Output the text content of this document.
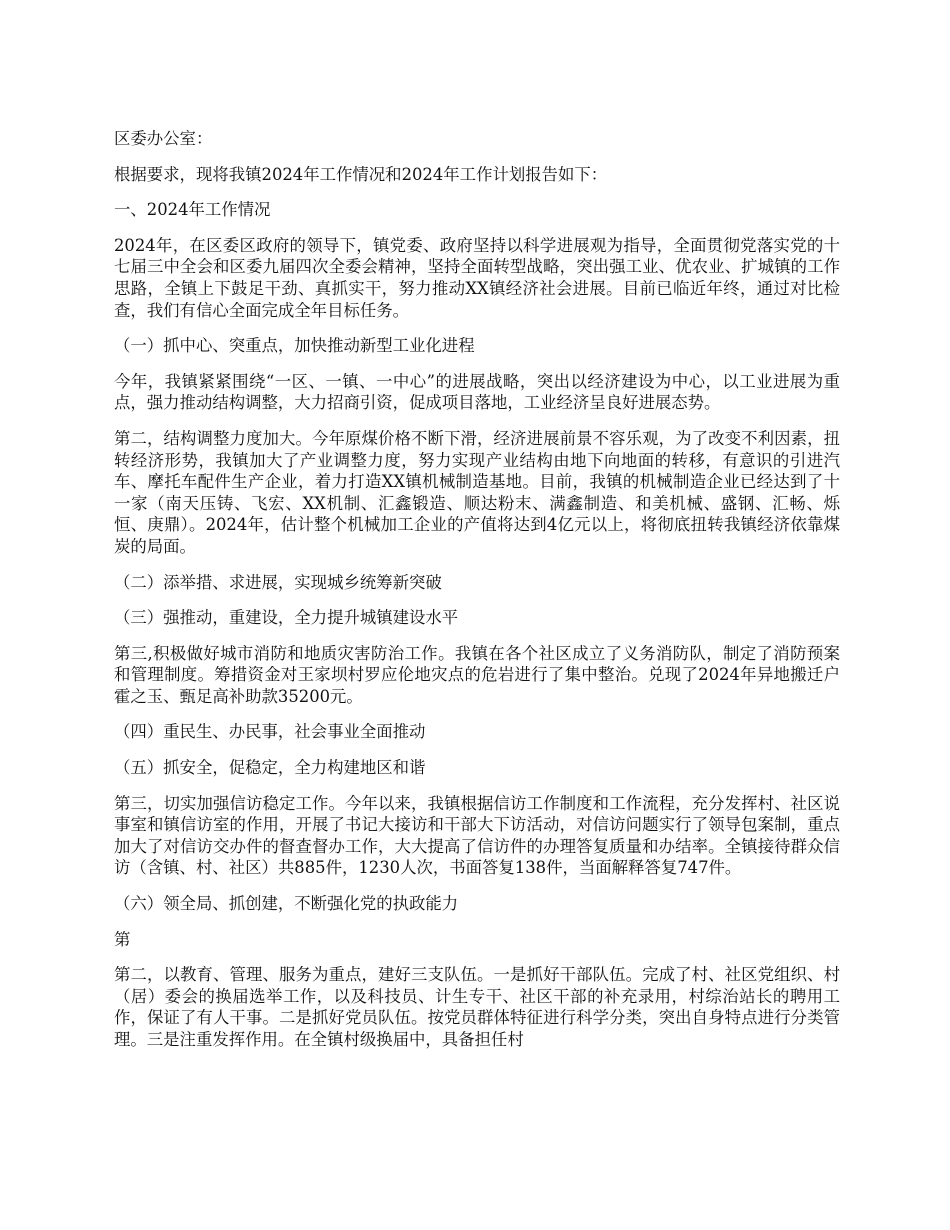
区委办公室：

根据要求，现将我镇2024年工作情况和2024年工作计划报告如下：

一、2024年工作情况

2024年，在区委区政府的领导下，镇党委、政府坚持以科学进展观为指导，全面贯彻党落实党的十七届三中全会和区委九届四次全委会精神，坚持全面转型战略，突出强工业、优农业、扩城镇的工作思路，全镇上下鼓足干劲、真抓实干，努力推动XX镇经济社会进展。目前已临近年终，通过对比检查，我们有信心全面完成全年目标任务。

（一）抓中心、突重点，加快推动新型工业化进程

今年，我镇紧紧围绕“一区、一镇、一中心”的进展战略，突出以经济建设为中心，以工业进展为重点，强力推动结构调整，大力招商引资，促成项目落地，工业经济呈良好进展态势。

第二，结构调整力度加大。今年原煤价格不断下滑，经济进展前景不容乐观，为了改变不利因素，扭转经济形势，我镇加大了产业调整力度，努力实现产业结构由地下向地面的转移，有意识的引进汽车、摩托车配件生产企业，着力打造XX镇机械制造基地。目前，我镇的机械制造企业已经达到了十一家（南天压铸、飞宏、XX机制、汇鑫锻造、顺达粉末、满鑫制造、和美机械、盛钢、汇畅、烁恒、庚鼎）。2024年，估计整个机械加工企业的产值将达到4亿元以上，将彻底扭转我镇经济依靠煤炭的局面。

（二）添举措、求进展，实现城乡统筹新突破

（三）强推动，重建设，全力提升城镇建设水平

第三,积极做好城市消防和地质灾害防治工作。我镇在各个社区成立了义务消防队，制定了消防预案和管理制度。筹措资金对王家坝村罗应伦地灾点的危岩进行了集中整治。兑现了2024年异地搬迁户霍之玉、甄足高补助款35200元。

（四）重民生、办民事，社会事业全面推动

（五）抓安全，促稳定，全力构建地区和谐

第三，切实加强信访稳定工作。今年以来，我镇根据信访工作制度和工作流程，充分发挥村、社区说事室和镇信访室的作用，开展了书记大接访和干部大下访活动，对信访问题实行了领导包案制，重点加大了对信访交办件的督查督办工作，大大提高了信访件的办理答复质量和办结率。全镇接待群众信访（含镇、村、社区）共885件，1230人次，书面答复138件，当面解释答复747件。

（六）领全局、抓创建，不断强化党的执政能力

第

第二，以教育、管理、服务为重点，建好三支队伍。一是抓好干部队伍。完成了村、社区党组织、村（居）委会的换届选举工作，以及科技员、计生专干、社区干部的补充录用，村综治站长的聘用工作，保证了有人干事。二是抓好党员队伍。按党员群体特征进行科学分类，突出自身特点进行分类管理。三是注重发挥作用。在全镇村级换届中，具备担任村
